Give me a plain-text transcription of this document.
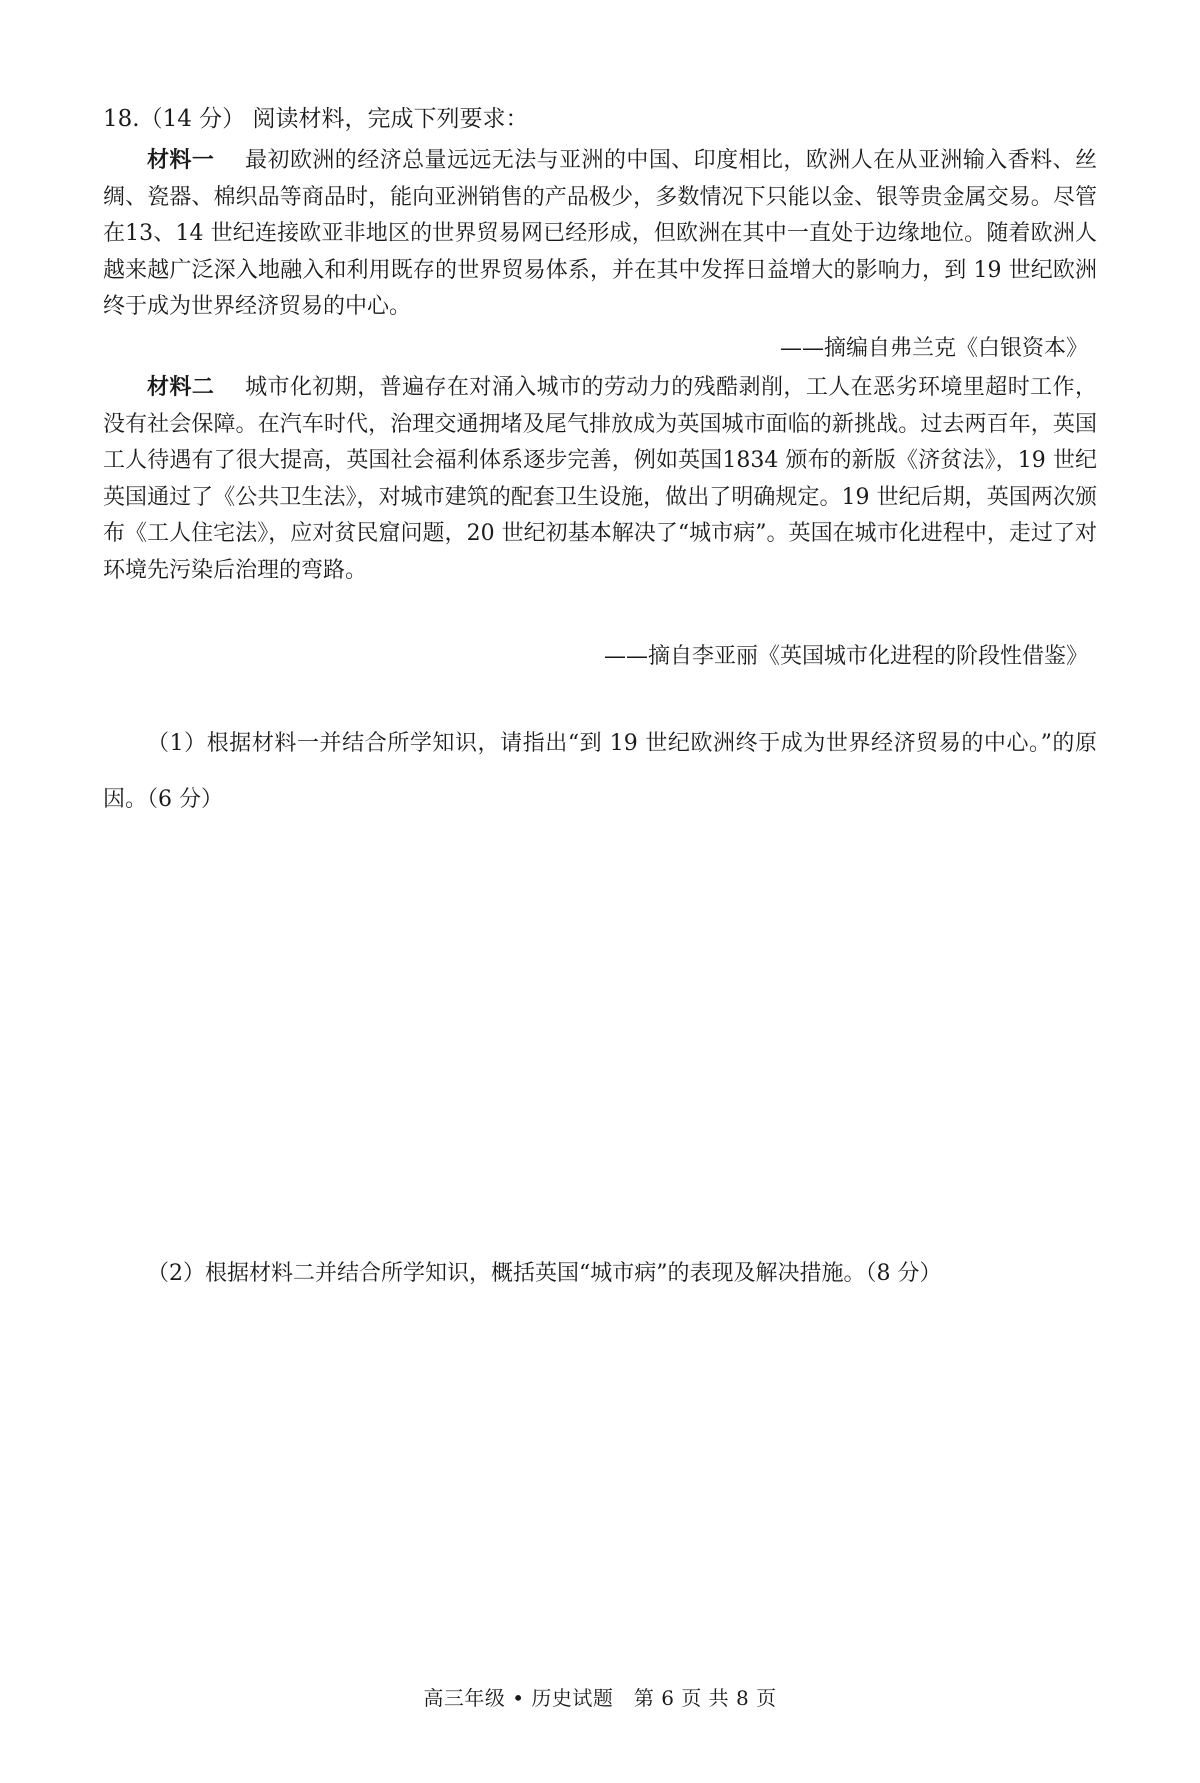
18.（14 分） 阅读材料，完成下列要求：

材料一 最初欧洲的经济总量远远无法与亚洲的中国、印度相比，欧洲人在从亚洲输入香料、丝绸、瓷器、棉织品等商品时，能向亚洲销售的产品极少，多数情况下只能以金、银等贵金属交易。尽管在13、14 世纪连接欧亚非地区的世界贸易网已经形成，但欧洲在其中一直处于边缘地位。随着欧洲人越来越广泛深入地融入和利用既存的世界贸易体系，并在其中发挥日益增大的影响力，到 19 世纪欧洲终于成为世界经济贸易的中心。

——摘编自弗兰克《白银资本》

材料二 城市化初期，普遍存在对涌入城市的劳动力的残酷剥削，工人在恶劣环境里超时工作，没有社会保障。在汽车时代，治理交通拥堵及尾气排放成为英国城市面临的新挑战。过去两百年，英国工人待遇有了很大提高，英国社会福利体系逐步完善，例如英国1834 颁布的新版《济贫法》，19 世纪英国通过了《公共卫生法》，对城市建筑的配套卫生设施，做出了明确规定。19 世纪后期，英国两次颁布《工人住宅法》，应对贫民窟问题，20 世纪初基本解决了“城市病”。英国在城市化进程中，走过了对环境先污染后治理的弯路。

——摘自李亚丽《英国城市化进程的阶段性借鉴》

（1）根据材料一并结合所学知识，请指出“到 19 世纪欧洲终于成为世界经济贸易的中心。”的原因。（6 分）

（2）根据材料二并结合所学知识，概括英国“城市病”的表现及解决措施。（8 分）

高三年级 • 历史试题　第 6 页 共 8 页
